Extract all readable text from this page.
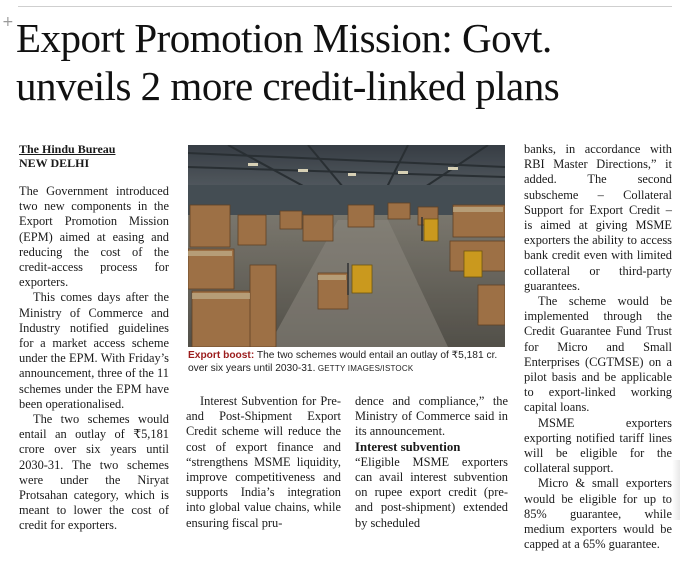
+ Export Promotion Mission: Govt. unveils 2 more credit-linked plans
The Hindu Bureau
NEW DELHI

The Government introduced two new components in the Export Promotion Mission (EPM) aimed at easing and reducing the cost of the credit-access process for exporters.

This comes days after the Ministry of Commerce and Industry notified guidelines for a market access scheme under the EPM. With Friday’s announcement, three of the 11 schemes under the EPM have been operationalised.

The two schemes would entail an outlay of ₹5,181 crore over six years until 2030-31. The two schemes were under the Niryat Protsahan category, which is meant to lower the cost of credit for exporters.

Export boost: The two schemes would entail an outlay of ₹5,181 cr. over six years until 2030-31. GETTY IMAGES/ISTOCK

Interest Subvention for Pre- and Post-Shipment Export Credit scheme will reduce the cost of export finance and “strengthens MSME liquidity, improve competitiveness and supports India’s integration into global value chains, while ensuring fiscal pru-

dence and compliance,” the Ministry of Commerce said in its announcement.

Interest subvention

“Eligible MSME exporters can avail interest subvention on rupee export credit (pre- and post-shipment) extended by scheduled

banks, in accordance with RBI Master Directions,” it added. The second subscheme – Collateral Support for Export Credit – is aimed at giving MSME exporters the ability to access bank credit even with limited collateral or third-party guarantees.

The scheme would be implemented through the Credit Guarantee Fund Trust for Micro and Small Enterprises (CGTMSE) on a pilot basis and be applicable to export-linked working capital loans.

MSME exporters exporting notified tariff lines will be eligible for the collateral support.

Micro & small exporters would be eligible for up to 85% guarantee, while medium exporters would be capped at a 65% guarantee.
